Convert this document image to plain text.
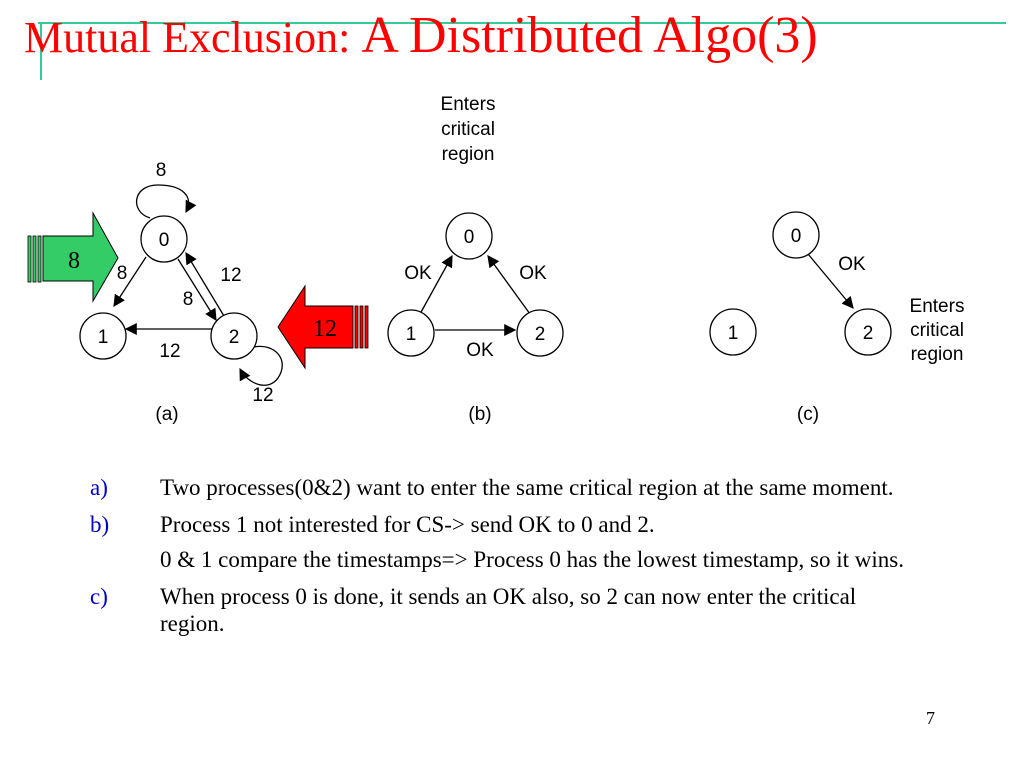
Mutual Exclusion: A Distributed Algo(3)
0
1	2
8
8	12
8
12
12
(a)
8
12
Enters
critical
region
0
1	2
OK	OK
OK
(b)
0
1	2
OK
Enters
critical
region
(c)
a)	Two processes(0&2) want to enter the same critical region at the same moment.
b)	Process 1 not interested for CS-> send OK to 0 and 2.
0 & 1 compare the timestamps=> Process 0 has the lowest timestamp, so it wins.
c)	When process 0 is done, it sends an OK also, so 2 can now enter the critical region.
7
